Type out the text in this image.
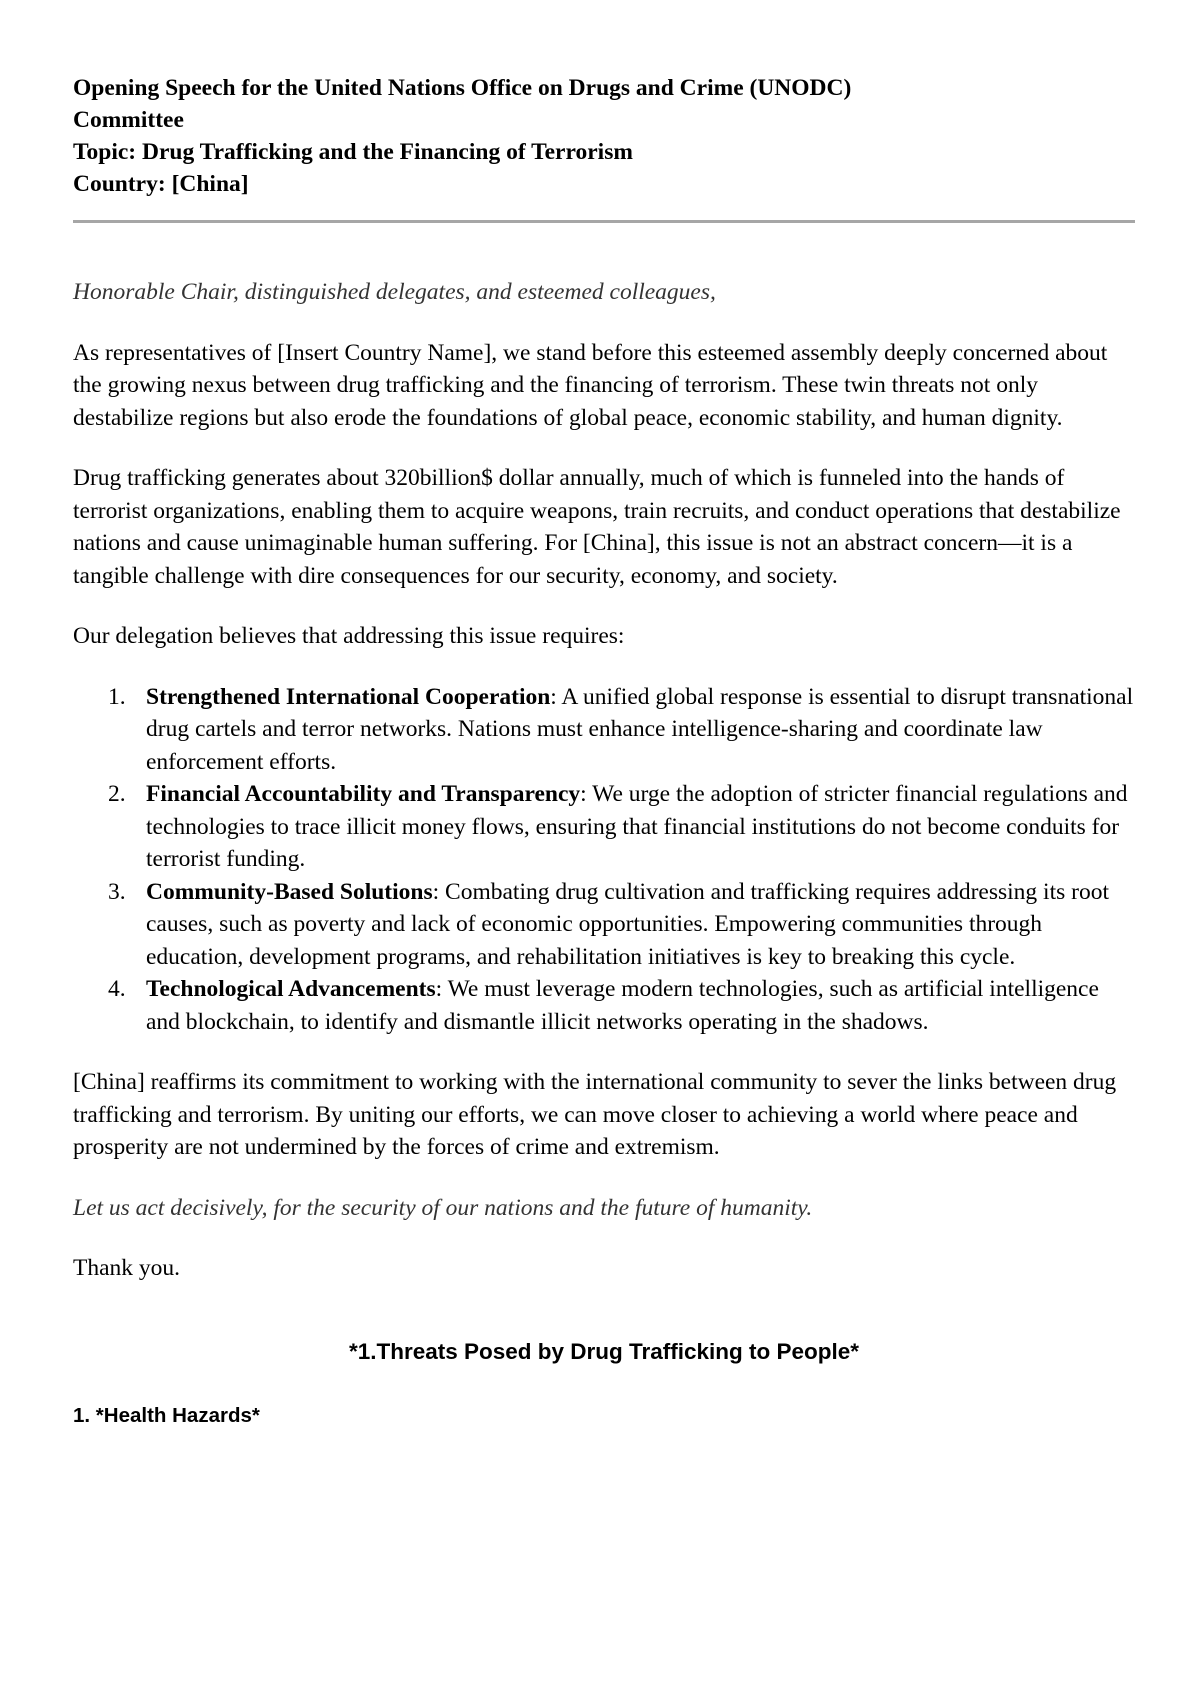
Opening Speech for the United Nations Office on Drugs and Crime (UNODC)

Committee

Topic: Drug Trafficking and the Financing of Terrorism

Country: [China]

Honorable Chair, distinguished delegates, and esteemed colleagues,

As representatives of [Insert Country Name], we stand before this esteemed assembly deeply concerned about the growing nexus between drug trafficking and the financing of terrorism. These twin threats not only destabilize regions but also erode the foundations of global peace, economic stability, and human dignity.

Drug trafficking generates about 320billion$ dollar annually, much of which is funneled into the hands of terrorist organizations, enabling them to acquire weapons, train recruits, and conduct operations that destabilize nations and cause unimaginable human suffering. For [China], this issue is not an abstract concern—it is a tangible challenge with dire consequences for our security, economy, and society.

Our delegation believes that addressing this issue requires:

1. Strengthened International Cooperation: A unified global response is essential to disrupt transnational drug cartels and terror networks. Nations must enhance intelligence-sharing and coordinate law enforcement efforts.
2. Financial Accountability and Transparency: We urge the adoption of stricter financial regulations and technologies to trace illicit money flows, ensuring that financial institutions do not become conduits for terrorist funding.
3. Community-Based Solutions: Combating drug cultivation and trafficking requires addressing its root causes, such as poverty and lack of economic opportunities. Empowering communities through education, development programs, and rehabilitation initiatives is key to breaking this cycle.
4. Technological Advancements: We must leverage modern technologies, such as artificial intelligence and blockchain, to identify and dismantle illicit networks operating in the shadows.

[China] reaffirms its commitment to working with the international community to sever the links between drug trafficking and terrorism. By uniting our efforts, we can move closer to achieving a world where peace and prosperity are not undermined by the forces of crime and extremism.

Let us act decisively, for the security of our nations and the future of humanity.

Thank you.

*1.Threats Posed by Drug Trafficking to People*

1. *Health Hazards*
